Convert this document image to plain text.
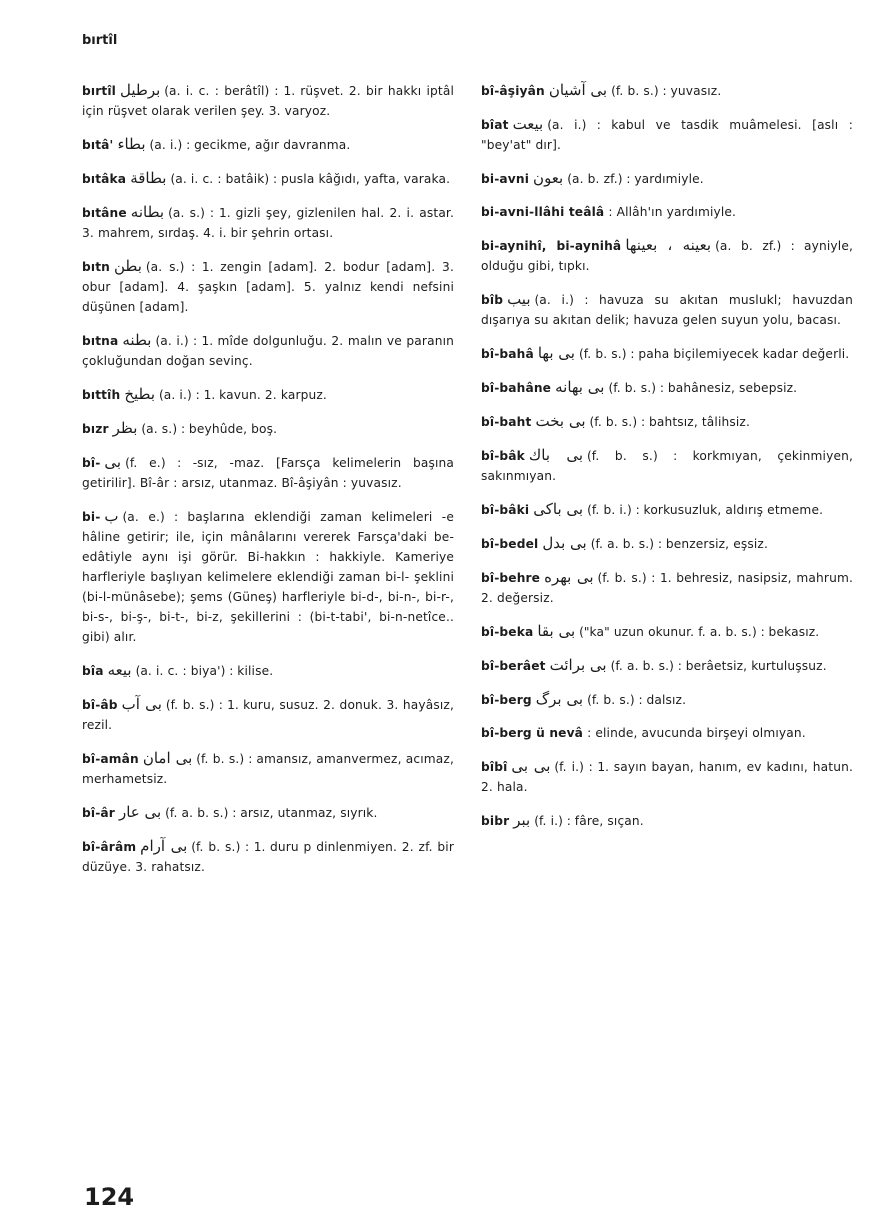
bırtîl
bırtîl برطيل (a. i. c. : berâtîl) : 1. rüşvet. 2. bir hakkı iptâl için rüşvet olarak verilen şey. 3. varyoz.
bıtâ' بطاء (a. i.) : gecikme, ağır davranma.
bıtâka بطاقة (a. i. c. : batâik) : pusla kâğıdı, yafta, varaka.
bıtâne بطانه (a. s.) : 1. gizli şey, gizlenilen hal. 2. i. astar. 3. mahrem, sırdaş. 4. i. bir şehrin ortası.
bıtn بطن (a. s.) : 1. zengin [adam]. 2. bodur [adam]. 3. obur [adam]. 4. şaşkın [adam]. 5. yalnız kendi nefsini düşünen [adam].
bıtna بطنه (a. i.) : 1. mîde dolgunluğu. 2. malın ve paranın çokluğundan doğan sevinç.
bıttîh بطيخ (a. i.) : 1. kavun. 2. karpuz.
bızr بظر (a. s.) : beyhûde, boş.
bî- بى (f. e.) : -sız, -maz. [Farsça kelimelerin başına getirilir]. Bî-âr : arsız, utanmaz. Bî-âşiyân : yuvasız.
bi- ب (a. e.) : başlarına eklendiği zaman kelimeleri -e hâline getirir; ile, için mânâlarını vererek Farsça'daki be- edâtiyle aynı işi görür. Bi-hakkın : hakkiyle. Kameriye harfleriyle başlıyan kelimelere eklendiği zaman bi-l- şeklini (bi-l-münâsebe); şems (Güneş) harfleriyle bi-d-, bi-n-, bi-r-, bi-s-, bi-ş-, bi-t-, bi-z, şekillerini : (bi-t-tabi', bi-n-netîce.. gibi) alır.
bîa بيعه (a. i. c. : biya') : kilise.
bî-âb بى آب (f. b. s.) : 1. kuru, susuz. 2. donuk. 3. hayâsız, rezil.
bî-amân بى امان (f. b. s.) : amansız, amanvermez, acımaz, merhametsiz.
bî-âr بى عار (f. a. b. s.) : arsız, utanmaz, sıyrık.
bî-ârâm بى آرام (f. b. s.) : 1. duru p dinlenmiyen. 2. zf. bir düzüye. 3. rahatsız.
bî-âşiyân بى آشيان (f. b. s.) : yuvasız.
bîat بيعت (a. i.) : kabul ve tasdik muâmelesi. [aslı : "bey'at" dır].
bi-avni بعون (a. b. zf.) : yardımiyle.
bi-avni-llâhi teâlâ : Allâh'ın yardımiyle.
bi-aynihî, bi-aynihâ بعينه ، بعينها (a. b. zf.) : ayniyle, olduğu gibi, tıpkı.
bîb بيب (a. i.) : havuza su akıtan muslukl; havuzdan dışarıya su akıtan delik; havuza gelen suyun yolu, bacası.
bî-bahâ بى بها (f. b. s.) : paha biçilemiyecek kadar değerli.
bî-bahâne بى بهانه (f. b. s.) : bahânesiz, sebepsiz.
bî-baht بى بخت (f. b. s.) : bahtsız, tâlihsiz.
bî-bâk بى باك (f. b. s.) : korkmıyan, çekinmiyen, sakınmıyan.
bî-bâki بى باكى (f. b. i.) : korkusuzluk, aldırış etmeme.
bî-bedel بى بدل (f. a. b. s.) : benzersiz, eşsiz.
bî-behre بى بهره (f. b. s.) : 1. behresiz, nasipsiz, mahrum. 2. değersiz.
bî-beka بى بقا ("ka" uzun okunur. f. a. b. s.) : bekasız.
bî-berâet بى برائت (f. a. b. s.) : berâetsiz, kurtuluşsuz.
bî-berg بى برگ (f. b. s.) : dalsız.
bî-berg ü nevâ : elinde, avucunda birşeyi olmıyan.
bîbî بى بى (f. i.) : 1. sayın bayan, hanım, ev kadını, hatun. 2. hala.
bibr ببر (f. i.) : fâre, sıçan.
124
